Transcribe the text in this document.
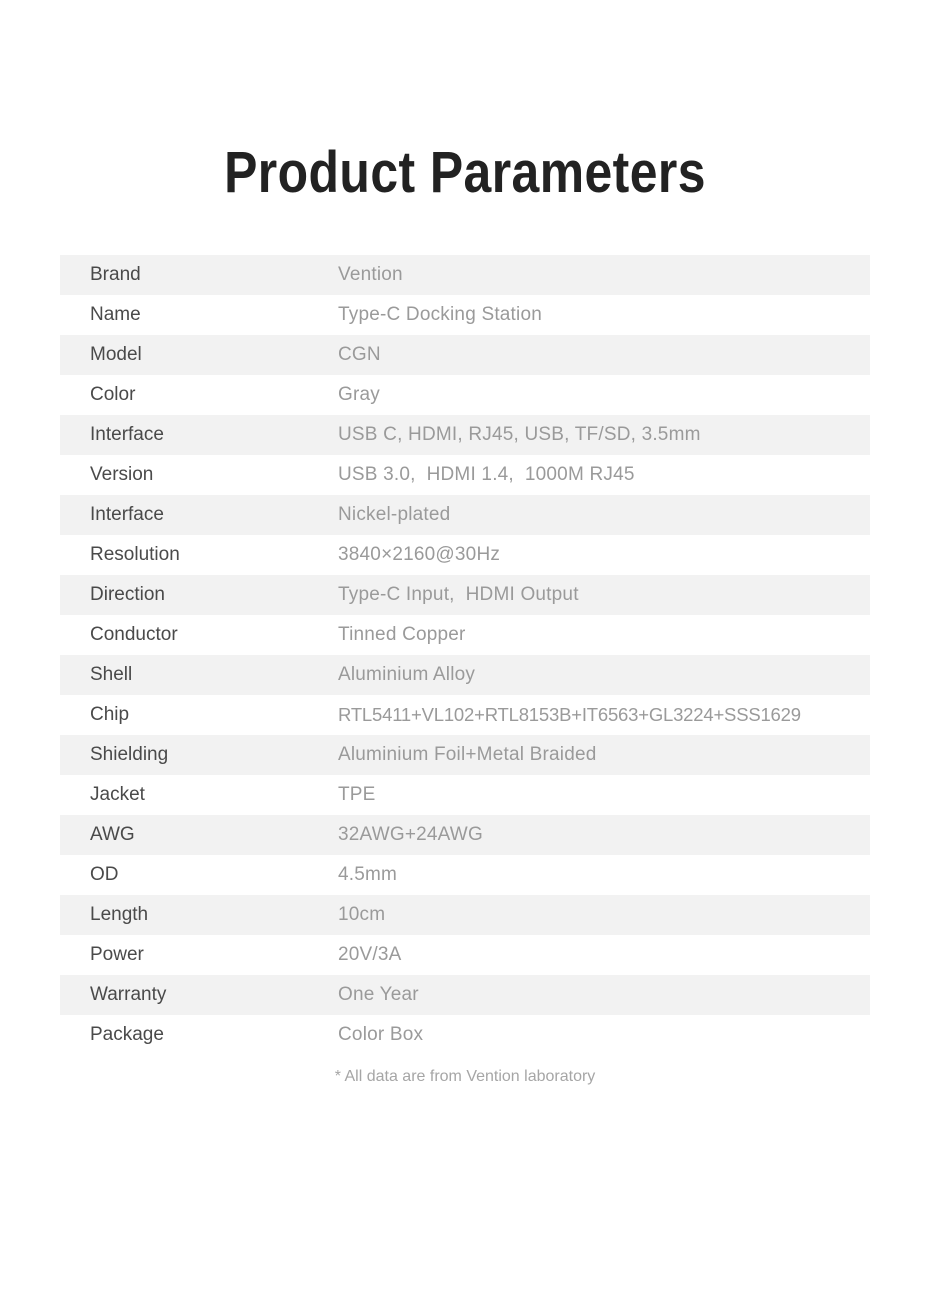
Product Parameters
Brand	Vention
Name	Type-C Docking Station
Model	CGN
Color	Gray
Interface	USB C, HDMI, RJ45, USB, TF/SD, 3.5mm
Version	USB 3.0,  HDMI 1.4,  1000M RJ45
Interface	Nickel-plated
Resolution	3840×2160@30Hz
Direction	Type-C Input,  HDMI Output
Conductor	Tinned Copper
Shell	Aluminium Alloy
Chip	RTL5411+VL102+RTL8153B+IT6563+GL3224+SSS1629
Shielding	Aluminium Foil+Metal Braided
Jacket	TPE
AWG	32AWG+24AWG
OD	4.5mm
Length	10cm
Power	20V/3A
Warranty	One Year
Package	Color Box

* All data are from Vention laboratory
